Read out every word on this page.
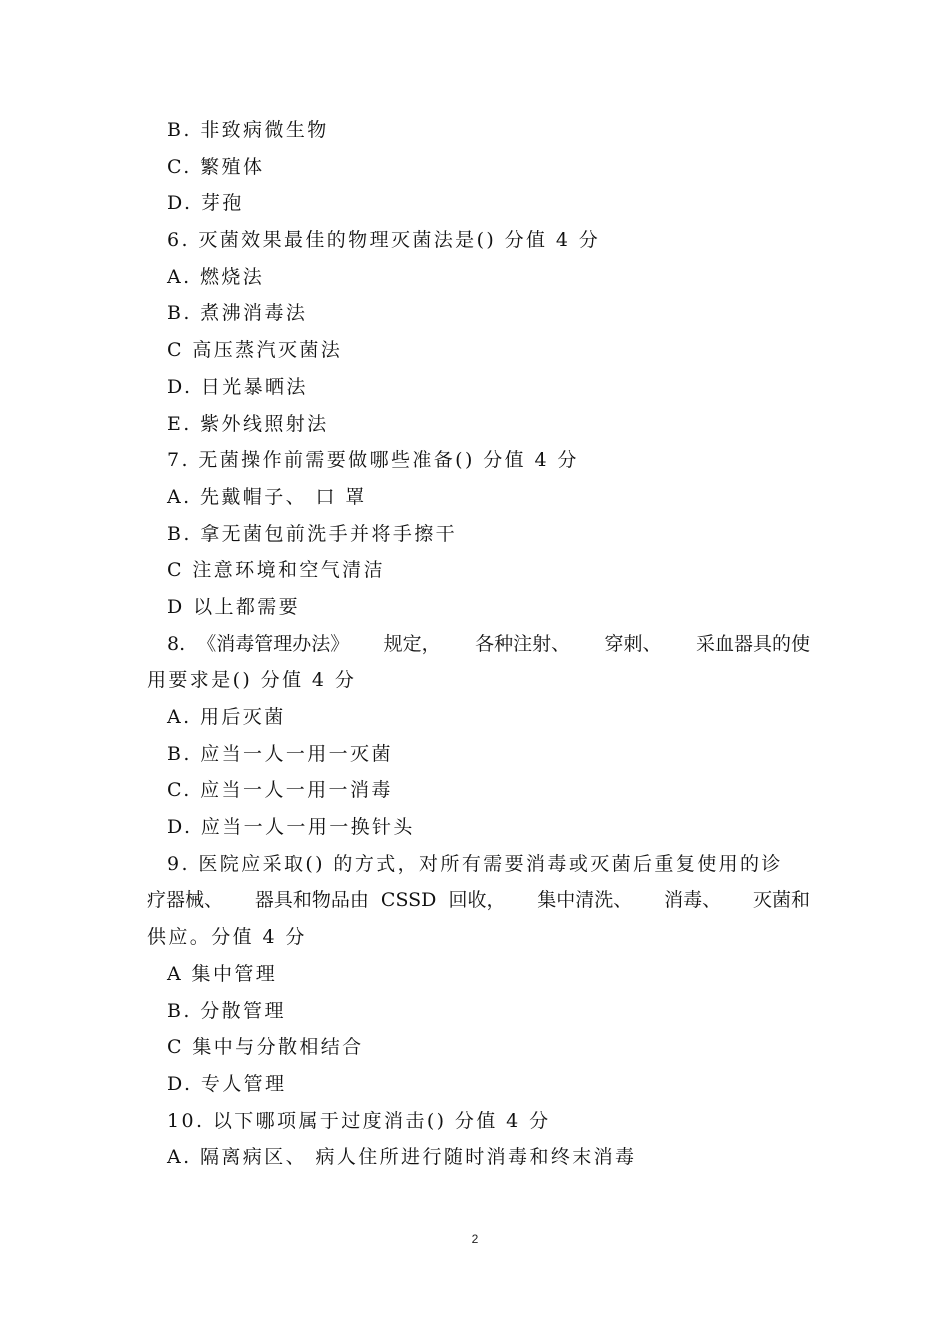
B. 非致病微生物
C. 繁殖体
D. 芽孢
6. 灭菌效果最佳的物理灭菌法是() 分值 4 分
A. 燃烧法
B. 煮沸消毒法
C 高压蒸汽灭菌法
D. 日光暴晒法
E. 紫外线照射法
7. 无菌操作前需要做哪些准备() 分值 4 分
A. 先戴帽子、 口 罩
B. 拿无菌包前洗手并将手擦干
C 注意环境和空气清洁
D 以上都需要
8.  《消毒管理办法》 规定， 各种注射、 穿刺、 采血器具的使
用要求是() 分值 4 分
A. 用后灭菌
B. 应当一人一用一灭菌
C. 应当一人一用一消毒
D. 应当一人一用一换针头
9. 医院应采取() 的方式，对所有需要消毒或灭菌后重复使用的诊
疗器械、 器具和物品由  CSSD  回收， 集中清洗、 消毒、 灭菌和
供应。分值 4 分
A 集中管理
B. 分散管理
C 集中与分散相结合
D. 专人管理
10. 以下哪项属于过度消击() 分值 4 分
A. 隔离病区、 病人住所进行随时消毒和终末消毒
2
